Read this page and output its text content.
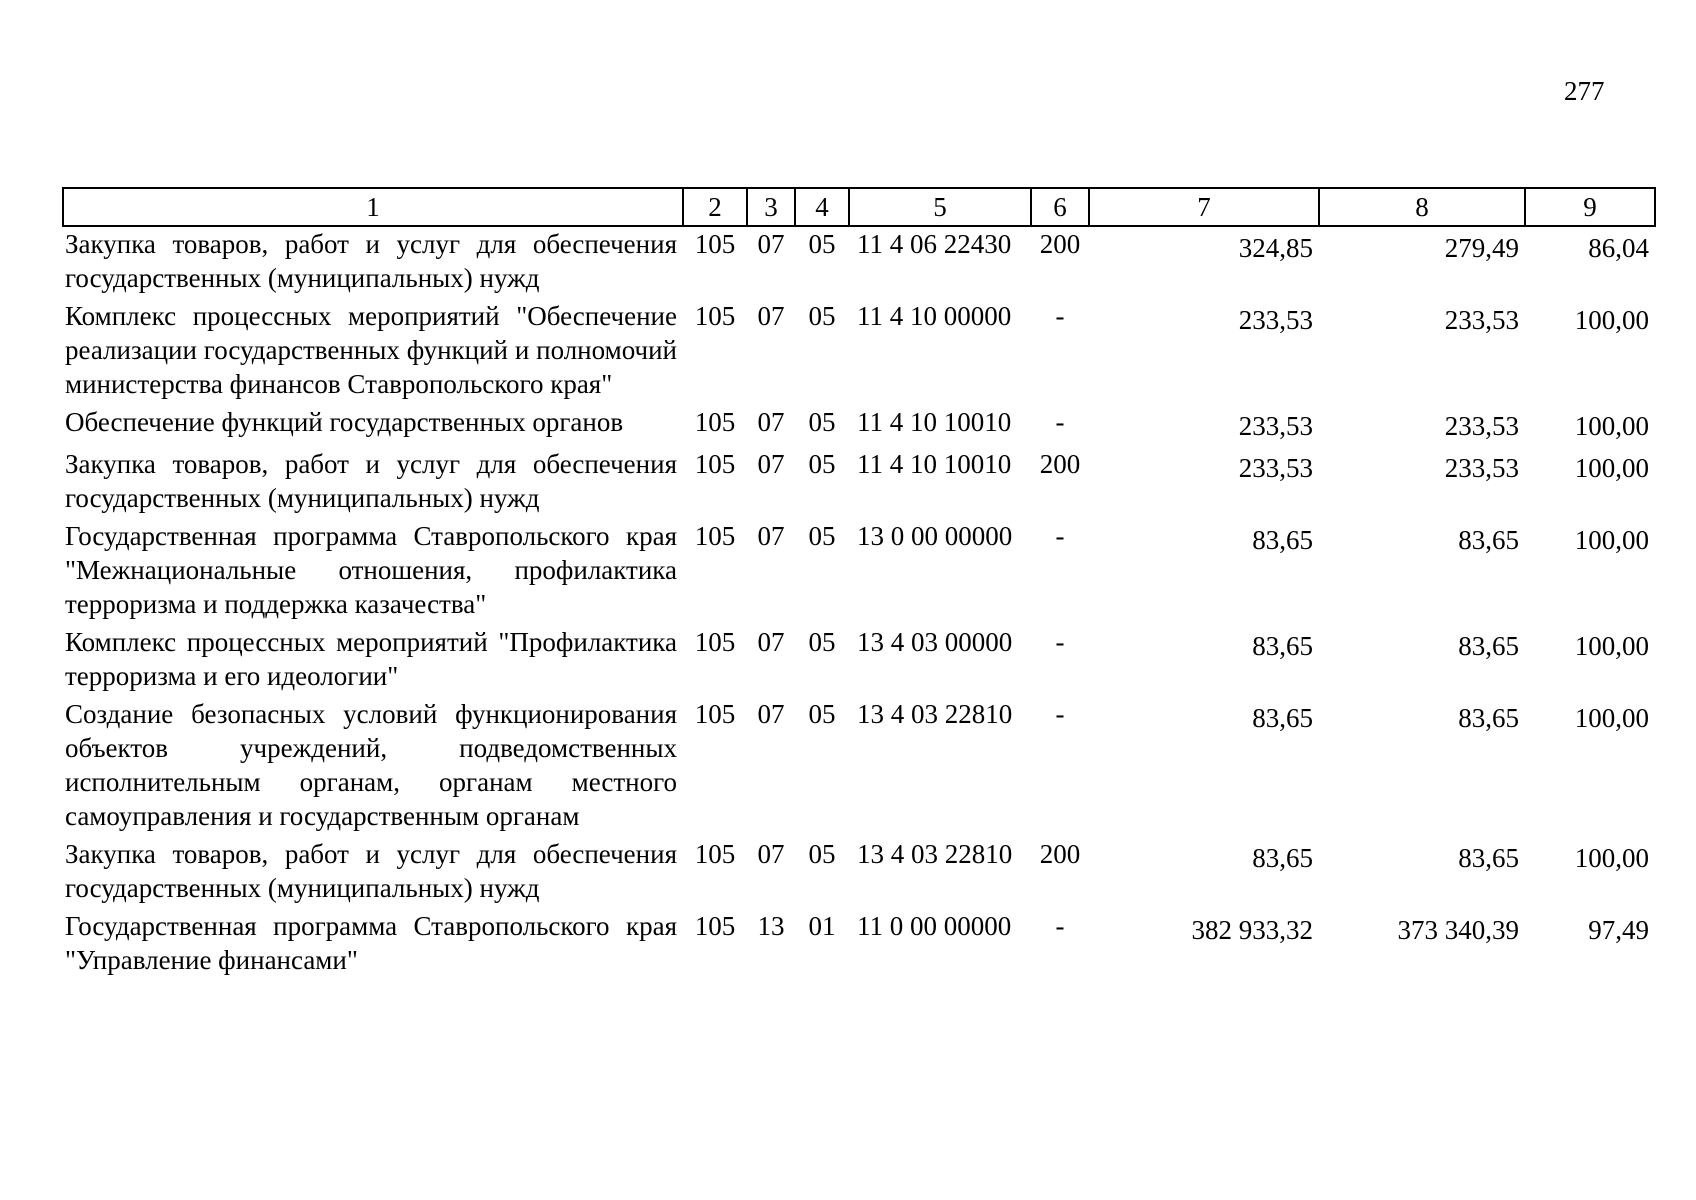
277
1	2	3	4	5	6	7	8	9
Закупка товаров, работ и услуг для обеспечения государственных (муниципальных) нужд	105	07	05	11 4 06 22430	200	324,85	279,49	86,04
Комплекс процессных мероприятий "Обеспечение реализации государственных функций и полномочий министерства финансов Ставропольского края"	105	07	05	11 4 10 00000	-	233,53	233,53	100,00
Обеспечение функций государственных органов	105	07	05	11 4 10 10010	-	233,53	233,53	100,00
Закупка товаров, работ и услуг для обеспечения государственных (муниципальных) нужд	105	07	05	11 4 10 10010	200	233,53	233,53	100,00
Государственная программа Ставропольского края "Межнациональные отношения, профилактика терроризма и поддержка казачества"	105	07	05	13 0 00 00000	-	83,65	83,65	100,00
Комплекс процессных мероприятий "Профилактика терроризма и его идеологии"	105	07	05	13 4 03 00000	-	83,65	83,65	100,00
Создание безопасных условий функционирования объектов учреждений, подведомственных исполнительным органам, органам местного самоуправления и государственным органам	105	07	05	13 4 03 22810	-	83,65	83,65	100,00
Закупка товаров, работ и услуг для обеспечения государственных (муниципальных) нужд	105	07	05	13 4 03 22810	200	83,65	83,65	100,00
Государственная программа Ставропольского края "Управление финансами"	105	13	01	11 0 00 00000	-	382 933,32	373 340,39	97,49
